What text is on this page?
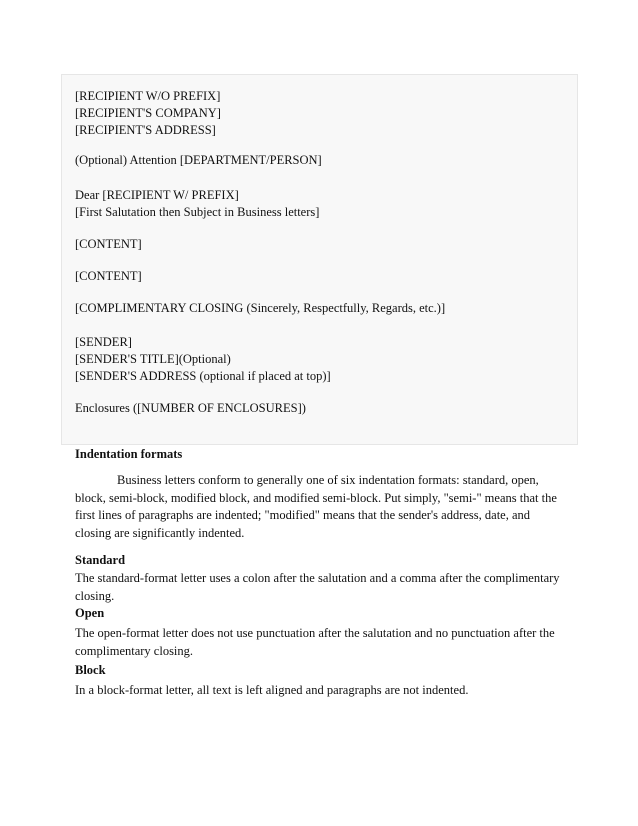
[RECIPIENT W/O PREFIX]
[RECIPIENT'S COMPANY]
[RECIPIENT'S ADDRESS]
(Optional) Attention [DEPARTMENT/PERSON]
Dear [RECIPIENT W/ PREFIX]
[First Salutation then Subject in Business letters]
[CONTENT]
[CONTENT]
[COMPLIMENTARY CLOSING (Sincerely, Respectfully, Regards, etc.)]
[SENDER]
[SENDER'S TITLE](Optional)
[SENDER'S ADDRESS (optional if placed at top)]
Enclosures ([NUMBER OF ENCLOSURES])
Indentation formats
Business letters conform to generally one of six indentation formats: standard, open, block, semi-block, modified block, and modified semi-block. Put simply, "semi-" means that the first lines of paragraphs are indented; "modified" means that the sender's address, date, and closing are significantly indented.
Standard
The standard-format letter uses a colon after the salutation and a comma after the complimentary closing.
Open
The open-format letter does not use punctuation after the salutation and no punctuation after the complimentary closing.
Block
In a block-format letter, all text is left aligned and paragraphs are not indented.
